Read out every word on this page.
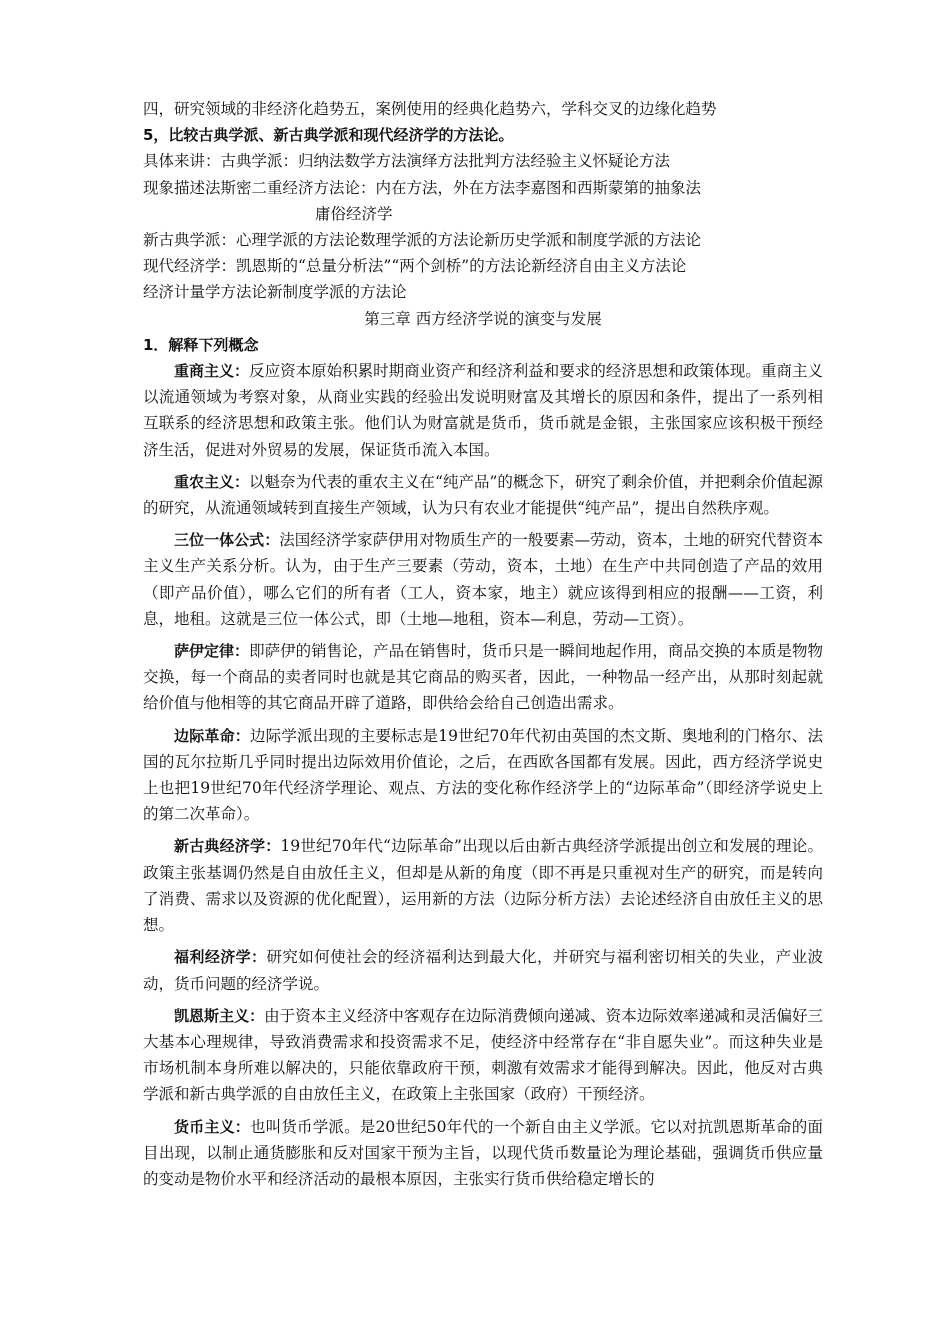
四，研究领域的非经济化趋势五，案例使用的经典化趋势六，学科交叉的边缘化趋势

5，比较古典学派、新古典学派和现代经济学的方法论。

具体来讲：古典学派：归纳法数学方法演绎方法批判方法经验主义怀疑论方法

现象描述法斯密二重经济方法论：内在方法，外在方法李嘉图和西斯蒙第的抽象法

庸俗经济学

新古典学派：心理学派的方法论数理学派的方法论新历史学派和制度学派的方法论

现代经济学：凯恩斯的“总量分析法”“两个剑桥”的方法论新经济自由主义方法论

经济计量学方法论新制度学派的方法论

第三章 西方经济学说的演变与发展

1．解释下列概念

重商主义：反应资本原始积累时期商业资产和经济利益和要求的经济思想和政策体现。重商主义以流通领域为考察对象，从商业实践的经验出发说明财富及其增长的原因和条件，提出了一系列相互联系的经济思想和政策主张。他们认为财富就是货币，货币就是金银，主张国家应该积极干预经济生活，促进对外贸易的发展，保证货币流入本国。

重农主义：以魁奈为代表的重农主义在“纯产品”的概念下，研究了剩余价值，并把剩余价值起源的研究，从流通领域转到直接生产领域，认为只有农业才能提供“纯产品”，提出自然秩序观。

三位一体公式：法国经济学家萨伊用对物质生产的一般要素—劳动，资本，土地的研究代替资本主义生产关系分析。认为，由于生产三要素（劳动，资本，土地）在生产中共同创造了产品的效用（即产品价值），哪么它们的所有者（工人，资本家，地主）就应该得到相应的报酬——工资，利息，地租。这就是三位一体公式，即（土地—地租，资本—利息，劳动—工资）。

萨伊定律：即萨伊的销售论，产品在销售时，货币只是一瞬间地起作用，商品交换的本质是物物交换，每一个商品的卖者同时也就是其它商品的购买者，因此，一种物品一经产出，从那时刻起就给价值与他相等的其它商品开辟了道路，即供给会给自己创造出需求。

边际革命：边际学派出现的主要标志是19世纪70年代初由英国的杰文斯、奥地利的门格尔、法国的瓦尔拉斯几乎同时提出边际效用价值论，之后，在西欧各国都有发展。因此，西方经济学说史上也把19世纪70年代经济学理论、观点、方法的变化称作经济学上的“边际革命”（即经济学说史上的第二次革命）。

新古典经济学：19世纪70年代“边际革命”出现以后由新古典经济学派提出创立和发展的理论。政策主张基调仍然是自由放任主义，但却是从新的角度（即不再是只重视对生产的研究，而是转向了消费、需求以及资源的优化配置），运用新的方法（边际分析方法）去论述经济自由放任主义的思想。

福利经济学：研究如何使社会的经济福利达到最大化，并研究与福利密切相关的失业，产业波动，货币问题的经济学说。

凯恩斯主义：由于资本主义经济中客观存在边际消费倾向递减、资本边际效率递减和灵活偏好三大基本心理规律，导致消费需求和投资需求不足，使经济中经常存在“非自愿失业”。而这种失业是市场机制本身所难以解决的，只能依靠政府干预，刺激有效需求才能得到解决。因此，他反对古典学派和新古典学派的自由放任主义，在政策上主张国家（政府）干预经济。

货币主义：也叫货币学派。是20世纪50年代的一个新自由主义学派。它以对抗凯恩斯革命的面目出现，以制止通货膨胀和反对国家干预为主旨，以现代货币数量论为理论基础，强调货币供应量的变动是物价水平和经济活动的最根本原因，主张实行货币供给稳定增长的
